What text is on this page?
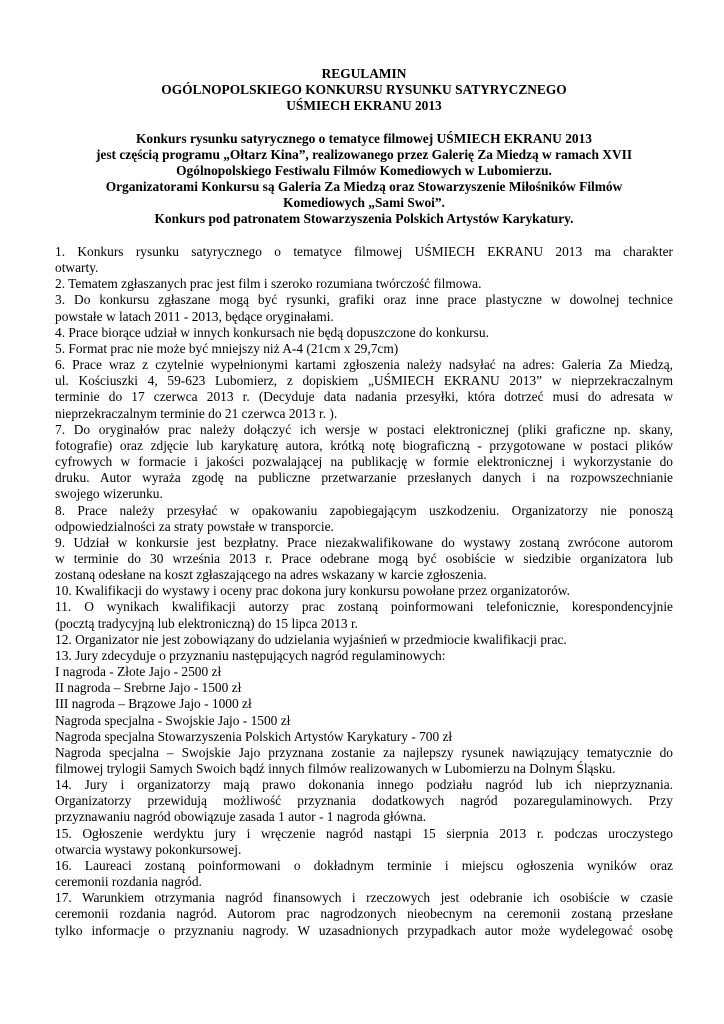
REGULAMIN
OGÓLNOPOLSKIEGO KONKURSU RYSUNKU SATYRYCZNEGO
UŚMIECH EKRANU 2013
Konkurs rysunku satyrycznego o tematyce filmowej UŚMIECH EKRANU 2013
jest częścią programu „Ołtarz Kina”, realizowanego przez Galerię Za Miedzą w ramach XVII
Ogólnopolskiego Festiwalu Filmów Komediowych w Lubomierzu.
Organizatorami Konkursu są Galeria Za Miedzą oraz Stowarzyszenie Miłośników Filmów
Komediowych „Sami Swoi”.
Konkurs pod patronatem Stowarzyszenia Polskich Artystów Karykatury.
1. Konkurs rysunku satyrycznego o tematyce filmowej UŚMIECH EKRANU 2013 ma charakter
otwarty.
2. Tematem zgłaszanych prac jest film i szeroko rozumiana twórczość filmowa.
3. Do konkursu zgłaszane mogą być rysunki, grafiki oraz inne prace plastyczne w dowolnej technice
powstałe w latach 2011 - 2013, będące oryginałami.
4. Prace biorące udział w innych konkursach nie będą dopuszczone do konkursu.
5. Format prac nie może być mniejszy niż A-4 (21cm x 29,7cm)
6. Prace wraz z czytelnie wypełnionymi kartami zgłoszenia należy nadsyłać na adres: Galeria Za Miedzą,
ul. Kościuszki 4, 59-623 Lubomierz, z dopiskiem „UŚMIECH EKRANU 2013” w nieprzekraczalnym
terminie do 17 czerwca 2013 r. (Decyduje data nadania przesyłki, która dotrzeć musi do adresata w
nieprzekraczalnym terminie do 21 czerwca 2013 r. ).
7. Do oryginałów prac należy dołączyć ich wersje w postaci elektronicznej (pliki graficzne np. skany,
fotografie) oraz zdjęcie lub karykaturę autora, krótką notę biograficzną - przygotowane w postaci plików
cyfrowych w formacie i jakości pozwalającej na publikację w formie elektronicznej i wykorzystanie do
druku. Autor wyraża zgodę na publiczne przetwarzanie przesłanych danych i na rozpowszechnianie
swojego wizerunku.
8. Prace należy przesyłać w opakowaniu zapobiegającym uszkodzeniu. Organizatorzy nie ponoszą
odpowiedzialności za straty powstałe w transporcie.
9. Udział w konkursie jest bezpłatny. Prace niezakwalifikowane do wystawy zostaną zwrócone autorom
w terminie do 30 września 2013 r. Prace odebrane mogą być osobiście w siedzibie organizatora lub
zostaną odesłane na koszt zgłaszającego na adres wskazany w karcie zgłoszenia.
10. Kwalifikacji do wystawy i oceny prac dokona jury konkursu powołane przez organizatorów.
11. O wynikach kwalifikacji autorzy prac zostaną poinformowani telefonicznie, korespondencyjnie
(pocztą tradycyjną lub elektroniczną) do 15 lipca 2013 r.
12. Organizator nie jest zobowiązany do udzielania wyjaśnień w przedmiocie kwalifikacji prac.
13. Jury zdecyduje o przyznaniu następujących nagród regulaminowych:
I nagroda - Złote Jajo - 2500 zł
II nagroda – Srebrne Jajo - 1500 zł
III nagroda – Brązowe Jajo - 1000 zł
Nagroda specjalna - Swojskie Jajo - 1500 zł
Nagroda specjalna Stowarzyszenia Polskich Artystów Karykatury - 700 zł
Nagroda specjalna – Swojskie Jajo przyznana zostanie za najlepszy rysunek nawiązujący tematycznie do
filmowej trylogii Samych Swoich bądź innych filmów realizowanych w Lubomierzu na Dolnym Śląsku.
14. Jury i organizatorzy mają prawo dokonania innego podziału nagród lub ich nieprzyznania.
Organizatorzy przewidują możliwość przyznania dodatkowych nagród pozaregulaminowych. Przy
przyznawaniu nagród obowiązuje zasada 1 autor - 1 nagroda główna.
15. Ogłoszenie werdyktu jury i wręczenie nagród nastąpi 15 sierpnia 2013 r. podczas uroczystego
otwarcia wystawy pokonkursowej.
16. Laureaci zostaną poinformowani o dokładnym terminie i miejscu ogłoszenia wyników oraz
ceremonii rozdania nagród.
17. Warunkiem otrzymania nagród finansowych i rzeczowych jest odebranie ich osobiście w czasie
ceremonii rozdania nagród. Autorom prac nagrodzonych nieobecnym na ceremonii zostaną przesłane
tylko informacje o przyznaniu nagrody. W uzasadnionych przypadkach autor może wydelegować osobę
